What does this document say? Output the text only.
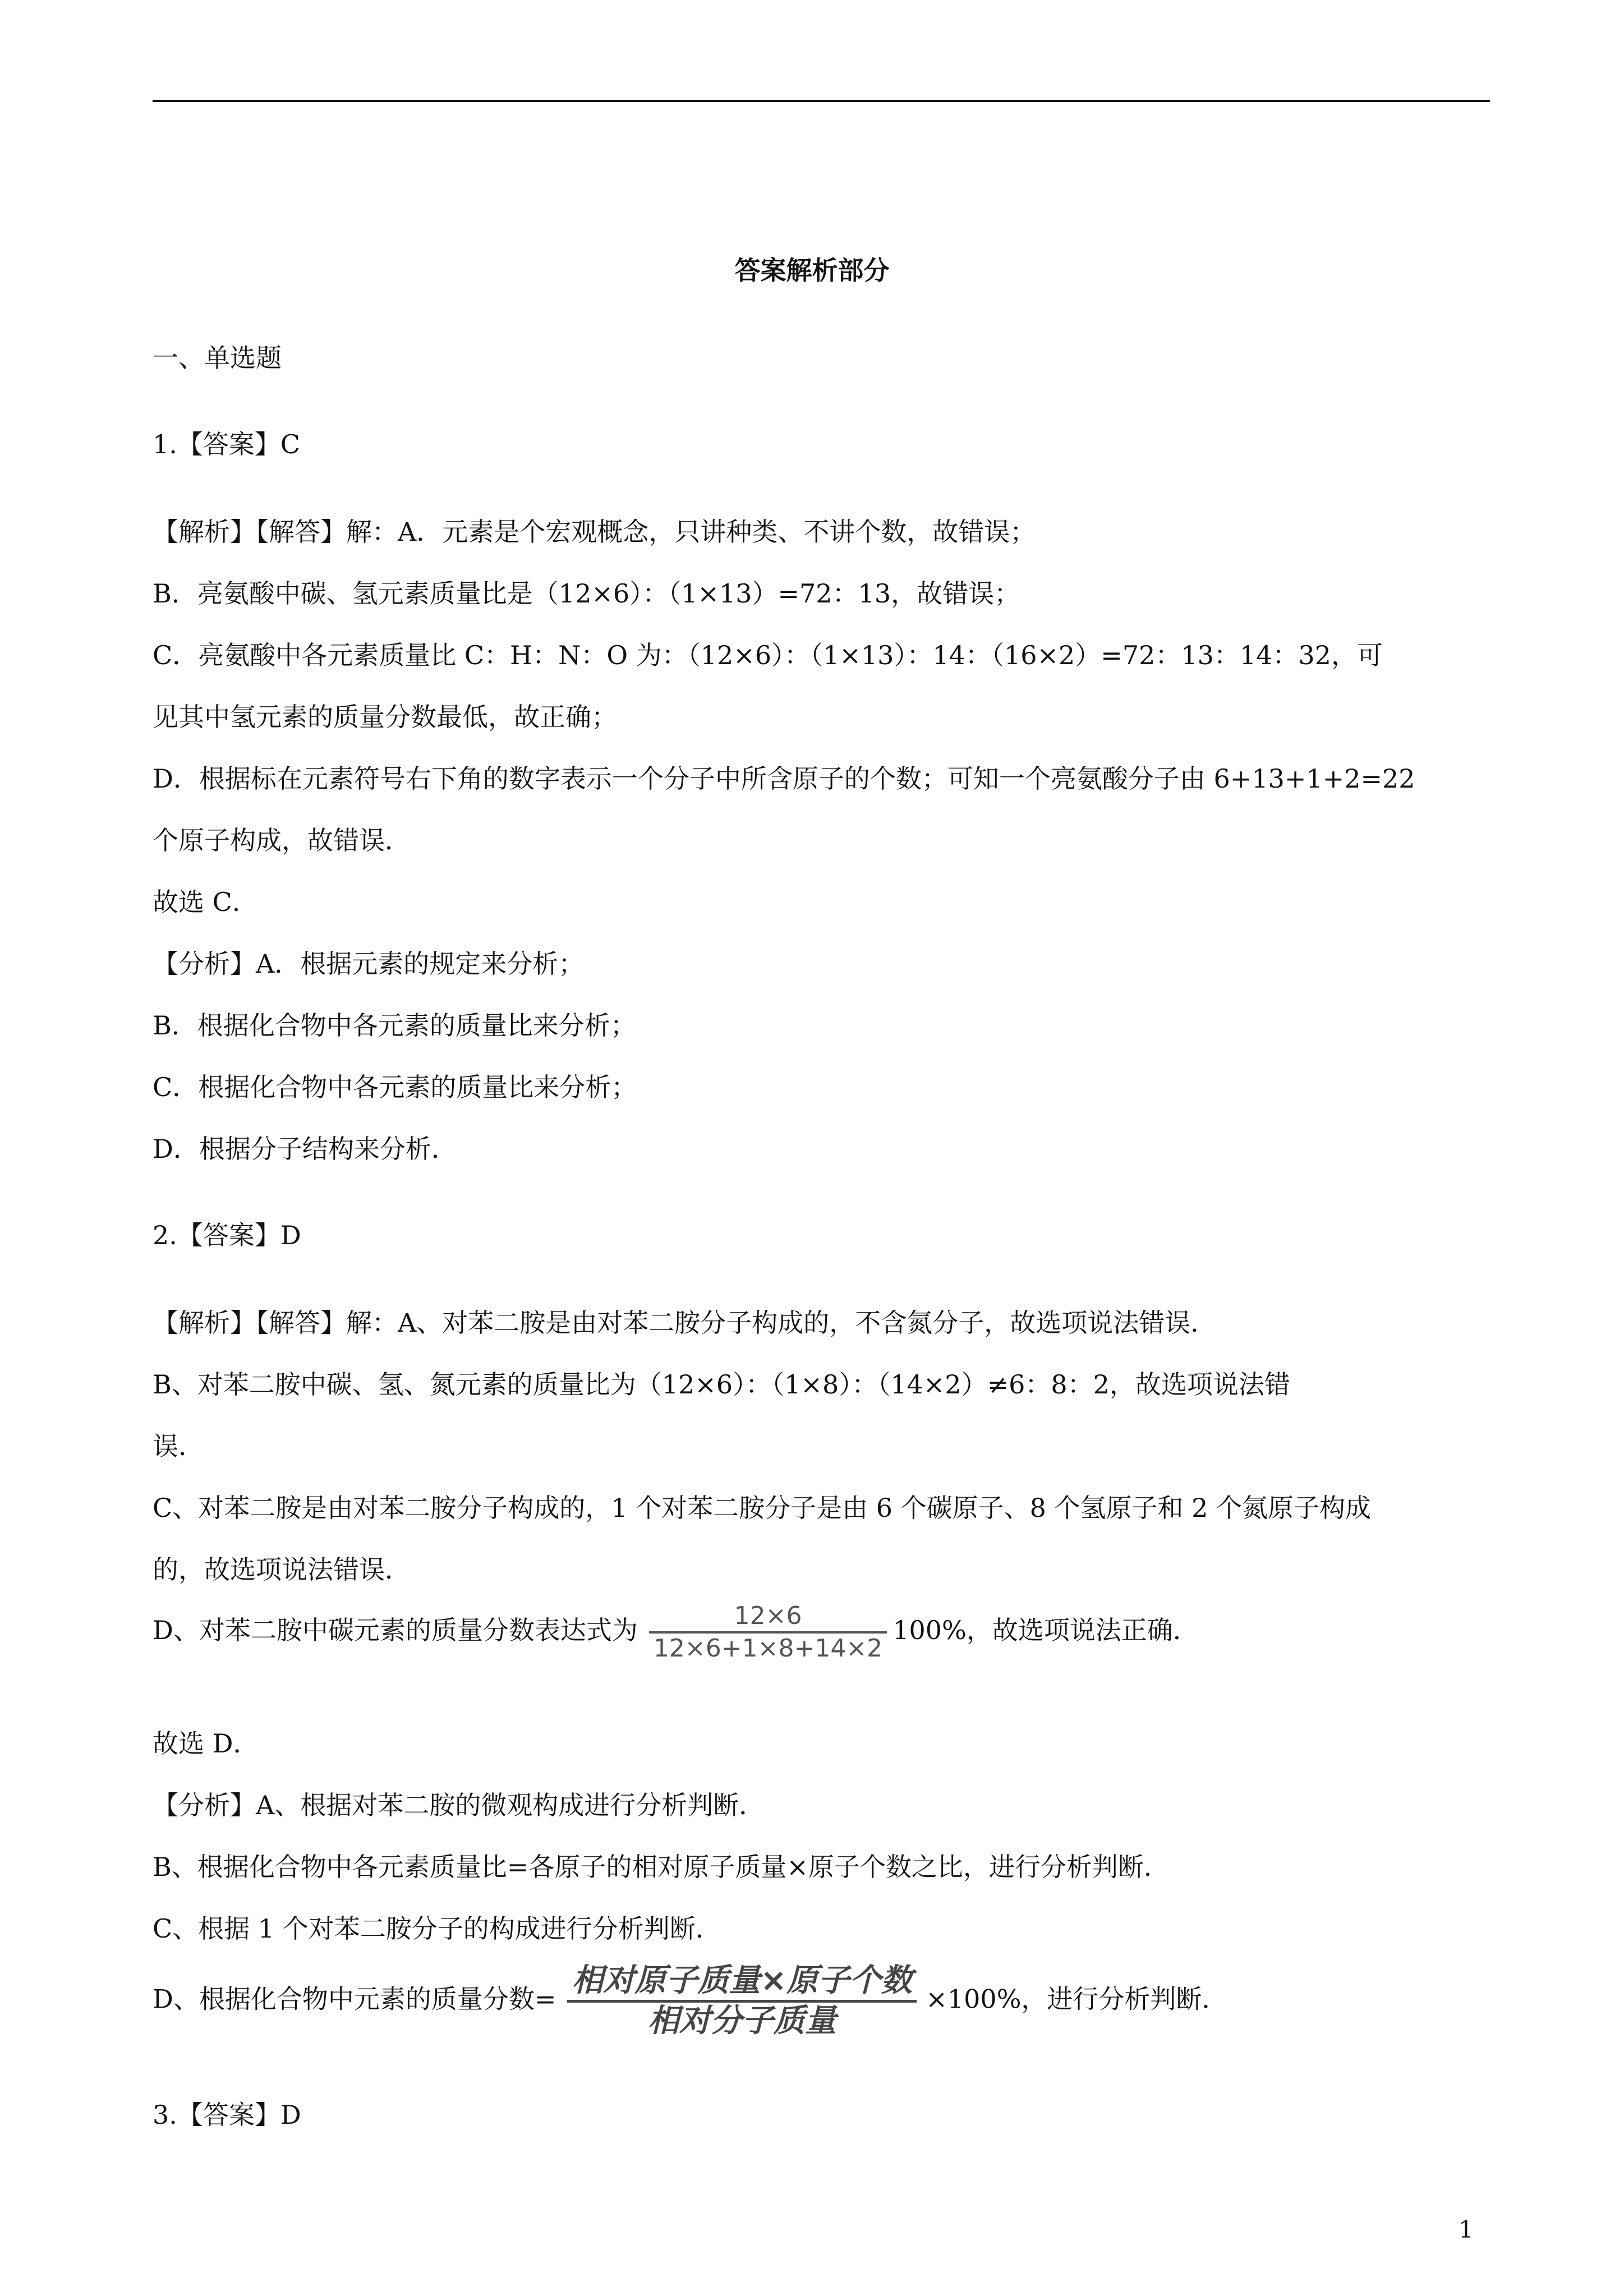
答案解析部分
一、单选题
1.【答案】C
【解析】【解答】解：A．元素是个宏观概念，只讲种类、不讲个数，故错误；
B．亮氨酸中碳、氢元素质量比是（12×6）：（1×13）=72：13，故错误；
C．亮氨酸中各元素质量比 C：H：N：O 为：（12×6）：（1×13）：14：（16×2）=72：13：14：32，可
见其中氢元素的质量分数最低，故正确；
D．根据标在元素符号右下角的数字表示一个分子中所含原子的个数；可知一个亮氨酸分子由 6+13+1+2=22
个原子构成，故错误．
故选 C．
【分析】A．根据元素的规定来分析；
B．根据化合物中各元素的质量比来分析；
C．根据化合物中各元素的质量比来分析；
D．根据分子结构来分析．
2.【答案】D
【解析】【解答】解：A、对苯二胺是由对苯二胺分子构成的，不含氮分子，故选项说法错误．
B、对苯二胺中碳、氢、氮元素的质量比为（12×6）：（1×8）：（14×2）≠6：8：2，故选项说法错
误．
C、对苯二胺是由对苯二胺分子构成的，1 个对苯二胺分子是由 6 个碳原子、8 个氢原子和 2 个氮原子构成
的，故选项说法错误．
D、对苯二胺中碳元素的质量分数表达式为 $\frac{12\times 6}{12\times 6+1\times 8+14\times 2} 100\%$，故选项说法正确．
故选 D．
【分析】A、根据对苯二胺的微观构成进行分析判断．
B、根据化合物中各元素质量比=各原子的相对原子质量×原子个数之比，进行分析判断．
C、根据 1 个对苯二胺分子的构成进行分析判断．
D、根据化合物中元素的质量分数=
相对原子质量×原子个数
相对分子质量
×100%，进行分析判断．
3.【答案】D
1
